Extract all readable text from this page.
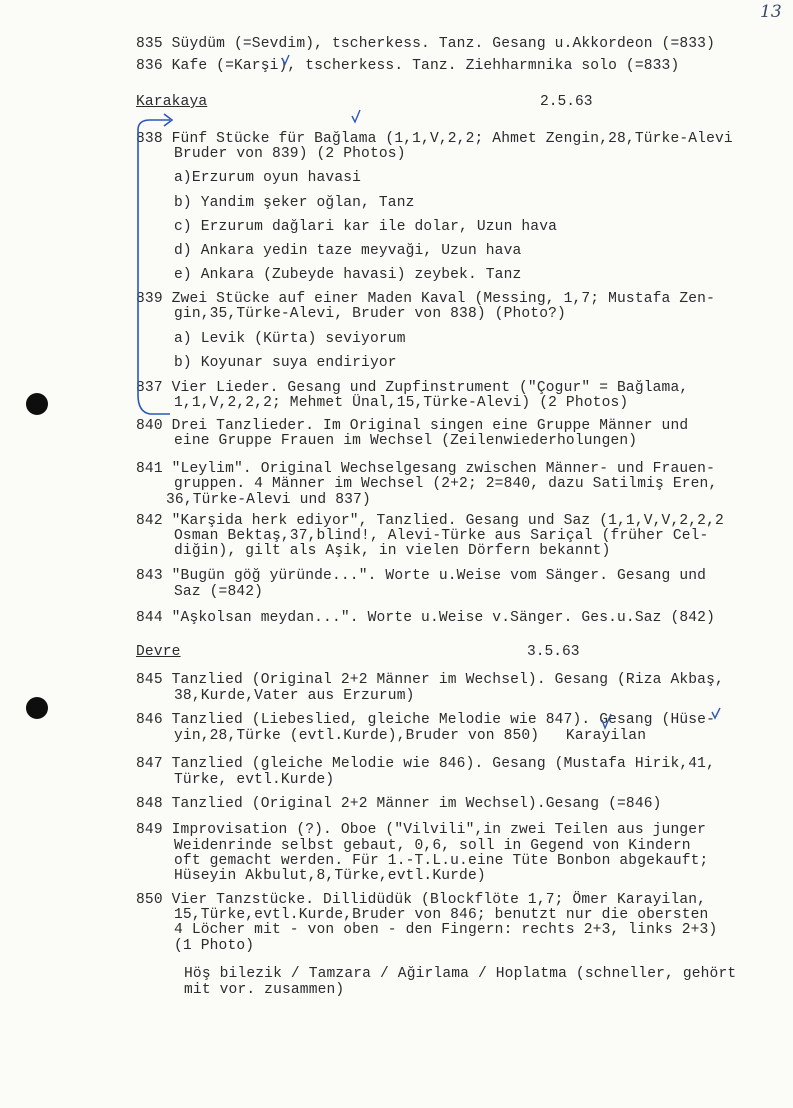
13
835 Süydüm (=Sevdim), tscherkess. Tanz. Gesang u.Akkordeon (=833)
836 Kafe (=Karşi), tscherkess. Tanz. Ziehharmnika solo (=833)
838 Fünf Stücke für Bağlama (1,1,V,2,2; Ahmet Zengin,28,Türke-Alevi
Bruder von 839) (2 Photos)
a)Erzurum oyun havasi
b) Yandim şeker oğlan, Tanz
c) Erzurum dağlari kar ile dolar, Uzun hava
d) Ankara yedin taze meyvaği, Uzun hava
e) Ankara (Zubeyde havasi) zeybek. Tanz
839 Zwei Stücke auf einer Maden Kaval (Messing, 1,7; Mustafa Zen-
gin,35,Türke-Alevi, Bruder von 838) (Photo?)
a) Levik (Kürta) seviyorum
b) Koyunar suya endiriyor
837 Vier Lieder. Gesang und Zupfinstrument ("Çogur" = Bağlama,
1,1,V,2,2,2; Mehmet Ünal,15,Türke-Alevi) (2 Photos)
840 Drei Tanzlieder. Im Original singen eine Gruppe Männer und
eine Gruppe Frauen im Wechsel (Zeilenwiederholungen)
841 "Leylim". Original Wechselgesang zwischen Männer- und Frauen-
gruppen. 4 Männer im Wechsel (2+2; 2=840, dazu Satilmiş Eren,
36,Türke-Alevi und 837)
842 "Karşida herk ediyor", Tanzlied. Gesang und Saz (1,1,V,V,2,2,2
Osman Bektaş,37,blind!, Alevi-Türke aus Sariçal (früher Cel-
diğin), gilt als Aşik, in vielen Dörfern bekannt)
843 "Bugün göğ yüründe...". Worte u.Weise vom Sänger. Gesang und
Saz (=842)
844 "Aşkolsan meydan...". Worte u.Weise v.Sänger. Ges.u.Saz (842)
845 Tanzlied (Original 2+2 Männer im Wechsel). Gesang (Riza Akbaş,
38,Kurde,Vater aus Erzurum)
846 Tanzlied (Liebeslied, gleiche Melodie wie 847). Gesang (Hüse-
yin,28,Türke (evtl.Kurde),Bruder von 850)   Karayilan
847 Tanzlied (gleiche Melodie wie 846). Gesang (Mustafa Hirik,41,
Türke, evtl.Kurde)
848 Tanzlied (Original 2+2 Männer im Wechsel).Gesang (=846)
849 Improvisation (?). Oboe ("Vilvili",in zwei Teilen aus junger
Weidenrinde selbst gebaut, 0,6, soll in Gegend von Kindern
oft gemacht werden. Für 1.-T.L.u.eine Tüte Bonbon abgekauft;
Hüseyin Akbulut,8,Türke,evtl.Kurde)
850 Vier Tanzstücke. Dillidüdük (Blockflöte 1,7; Ömer Karayilan,
15,Türke,evtl.Kurde,Bruder von 846; benutzt nur die obersten
4 Löcher mit - von oben - den Fingern: rechts 2+3, links 2+3)
(1 Photo)
Höş bilezik / Tamzara / Ağirlama / Hoplatma (schneller, gehört
mit vor. zusammen)
Karakaya	2.5.63
Devre	3.5.63
